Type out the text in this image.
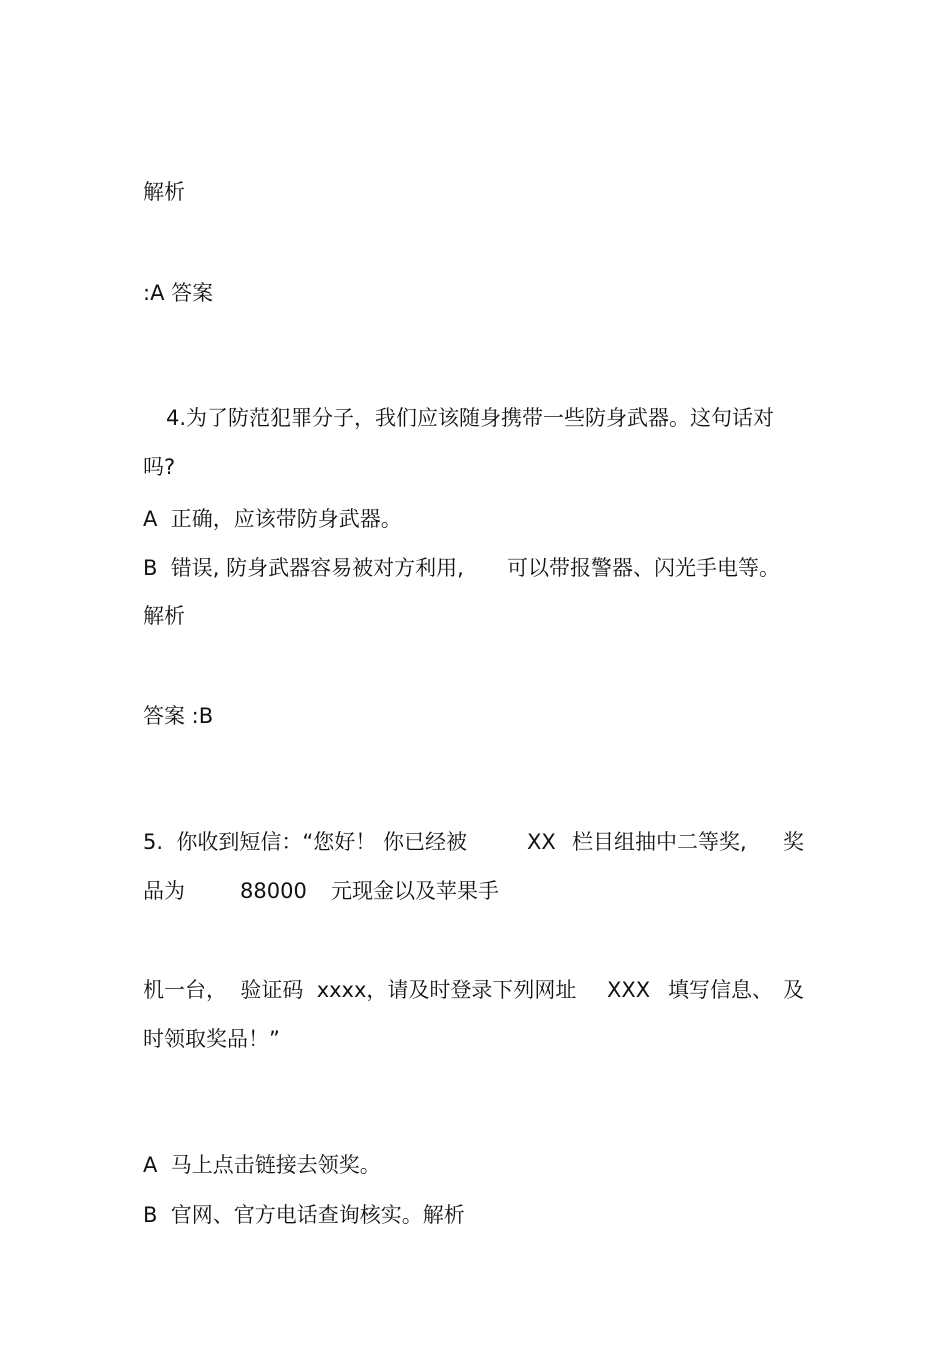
解析
:A 答案
4.为了防范犯罪分子，我们应该随身携带一些防身武器。这句话对
吗?
A  正确，应该带防身武器。
B  错误, 防身武器容易被对方利用, 可以带报警器、闪光手电等。
解析
答案 :B
5.  你收到短信：“您好！ 你已经被	XX 栏目组抽中二等奖, 奖
品为	88000 元现金以及苹果手
机一台，  验证码  xxxx，请及时登录下列网址 XXX 填写信息、 及
时领取奖品！”
A  马上点击链接去领奖。
B  官网、官方电话查询核实。解析
